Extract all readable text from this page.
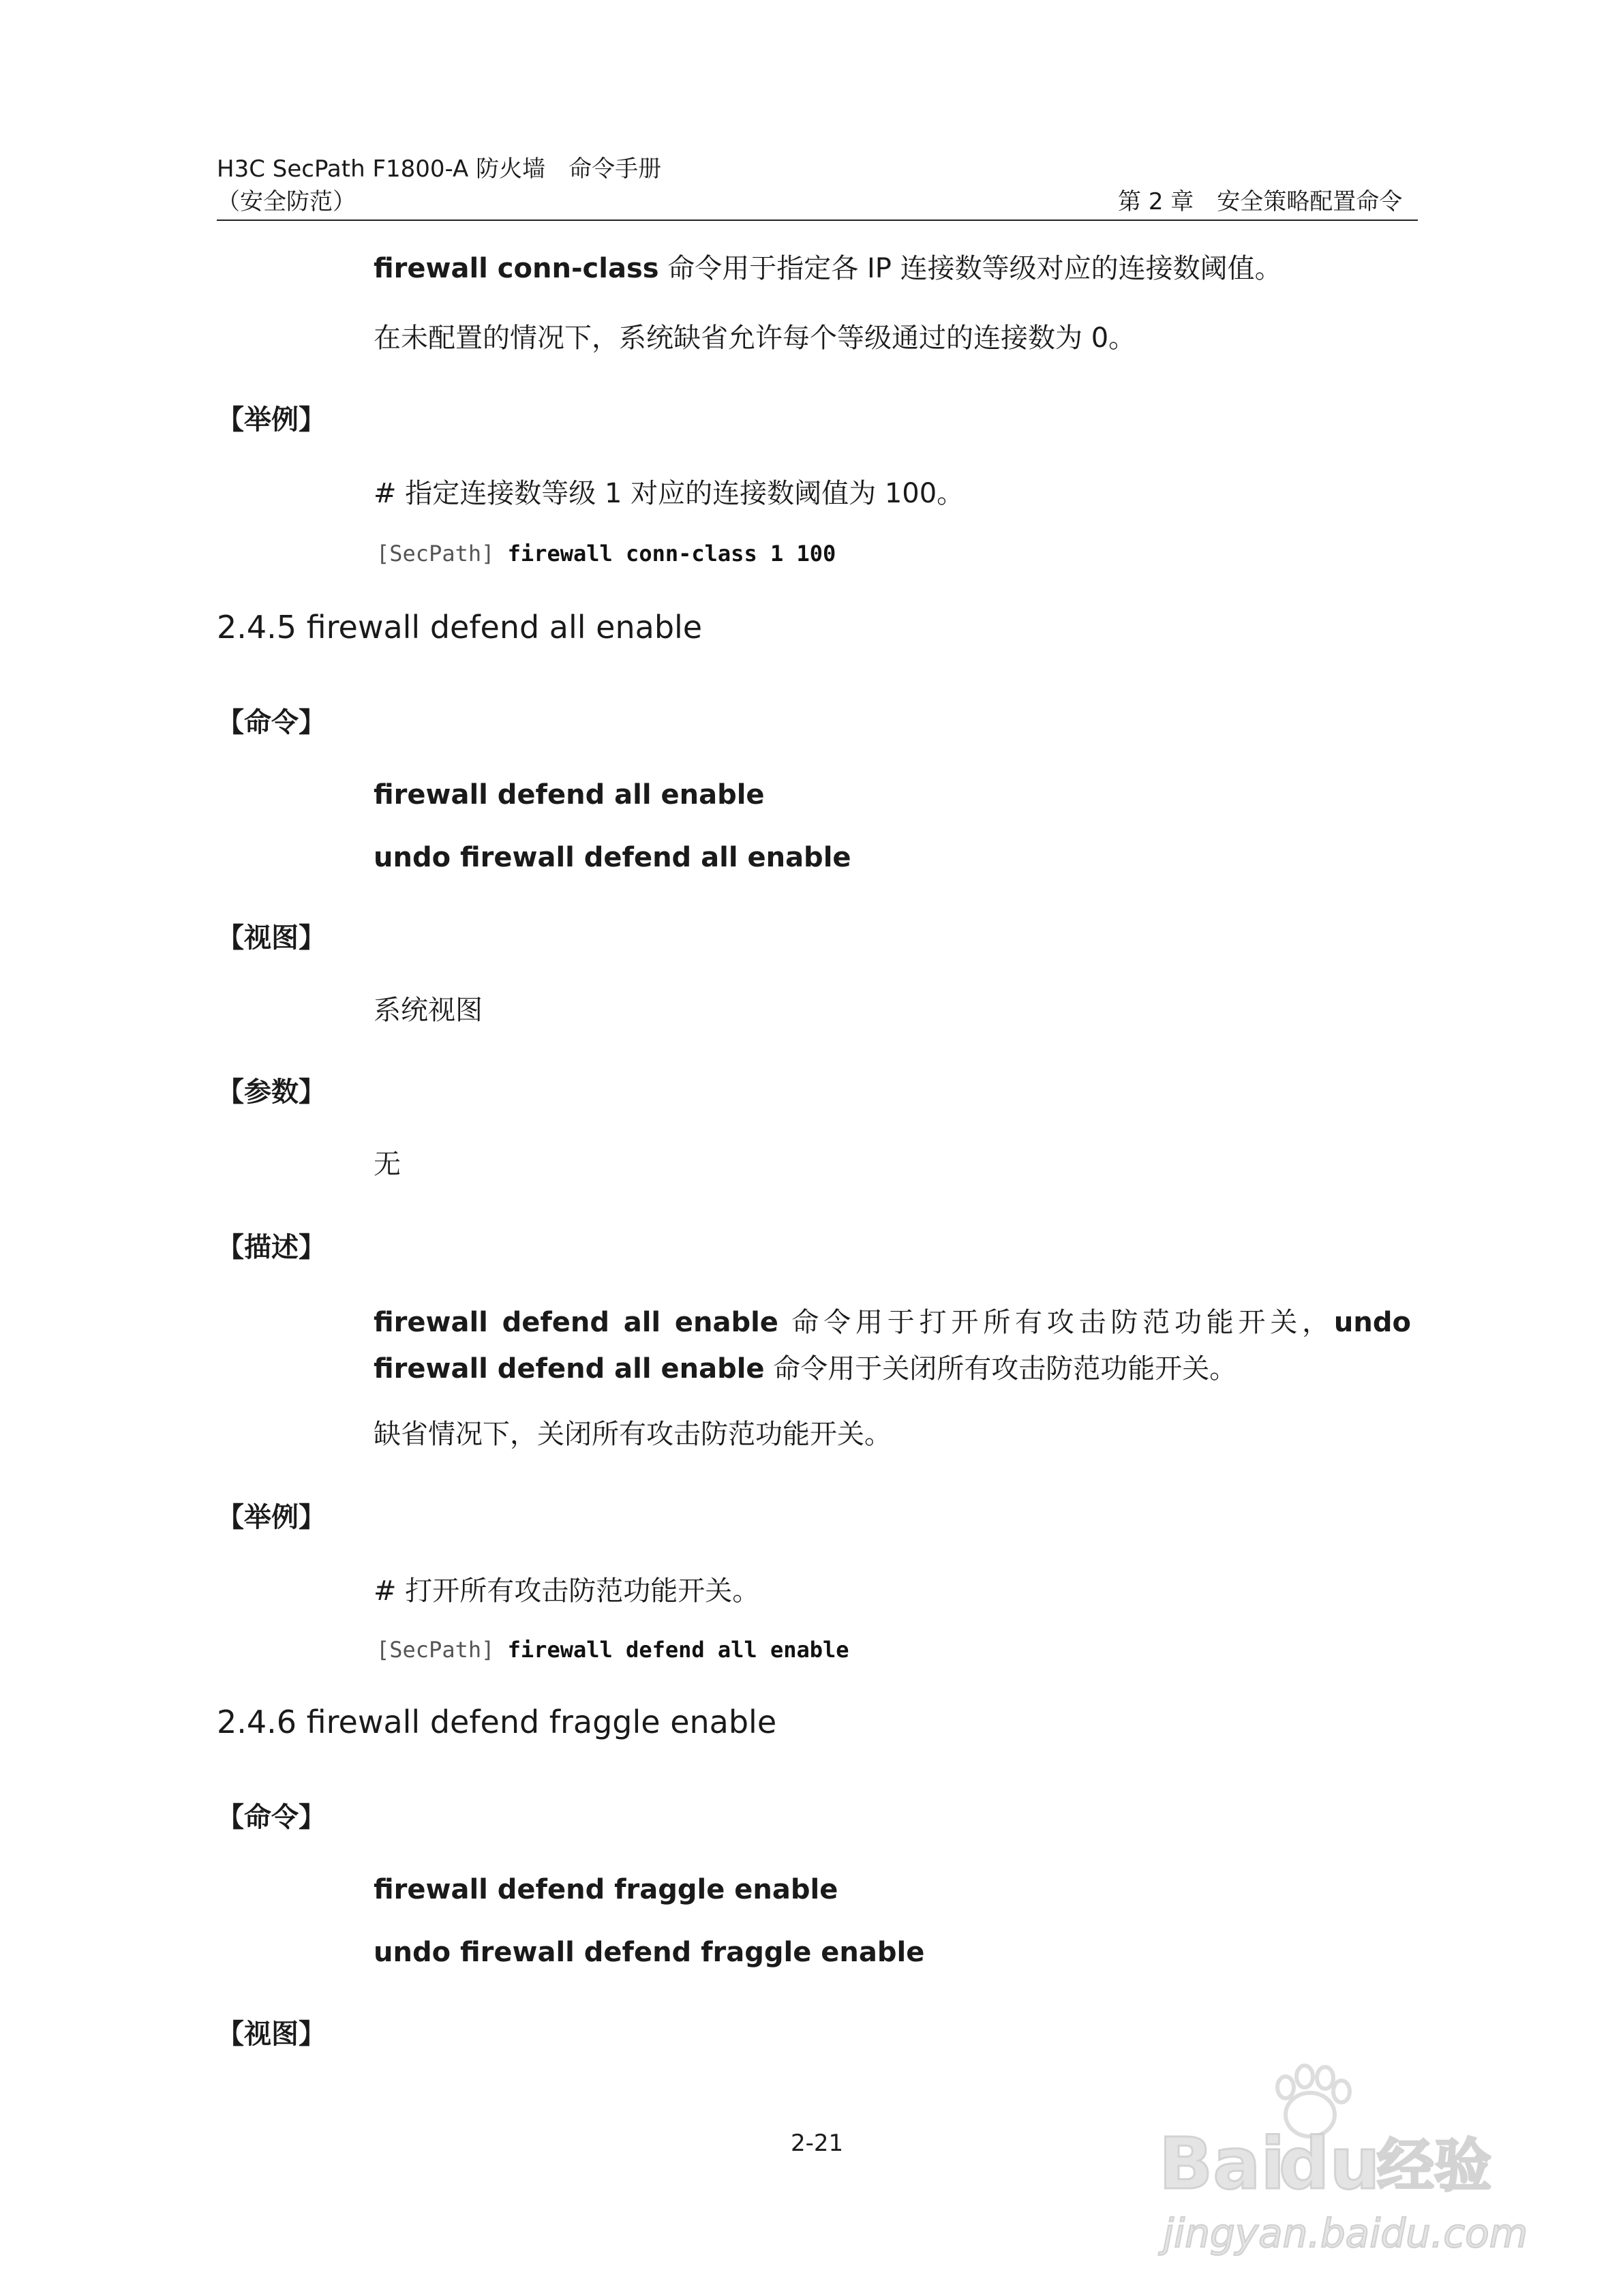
H3C SecPath F1800-A 防火墙　命令手册
（安全防范）	第 2 章　安全策略配置命令
firewall conn-class 命令用于指定各 IP 连接数等级对应的连接数阈值。
在未配置的情况下，系统缺省允许每个等级通过的连接数为 0。
【举例】
# 指定连接数等级 1 对应的连接数阈值为 100。
[SecPath] firewall conn-class 1 100
2.4.5 firewall defend all enable
【命令】
firewall defend all enable
undo firewall defend all enable
【视图】
系统视图
【参数】
无
【描述】
firewall defend all enable 命令用于打开所有攻击防范功能开关，undo firewall defend all enable 命令用于关闭所有攻击防范功能开关。
缺省情况下，关闭所有攻击防范功能开关。
【举例】
# 打开所有攻击防范功能开关。
[SecPath] firewall defend all enable
2.4.6 firewall defend fraggle enable
【命令】
firewall defend fraggle enable
undo firewall defend fraggle enable
【视图】
2-21	Bai
du
经验
jingyan.baidu.com
